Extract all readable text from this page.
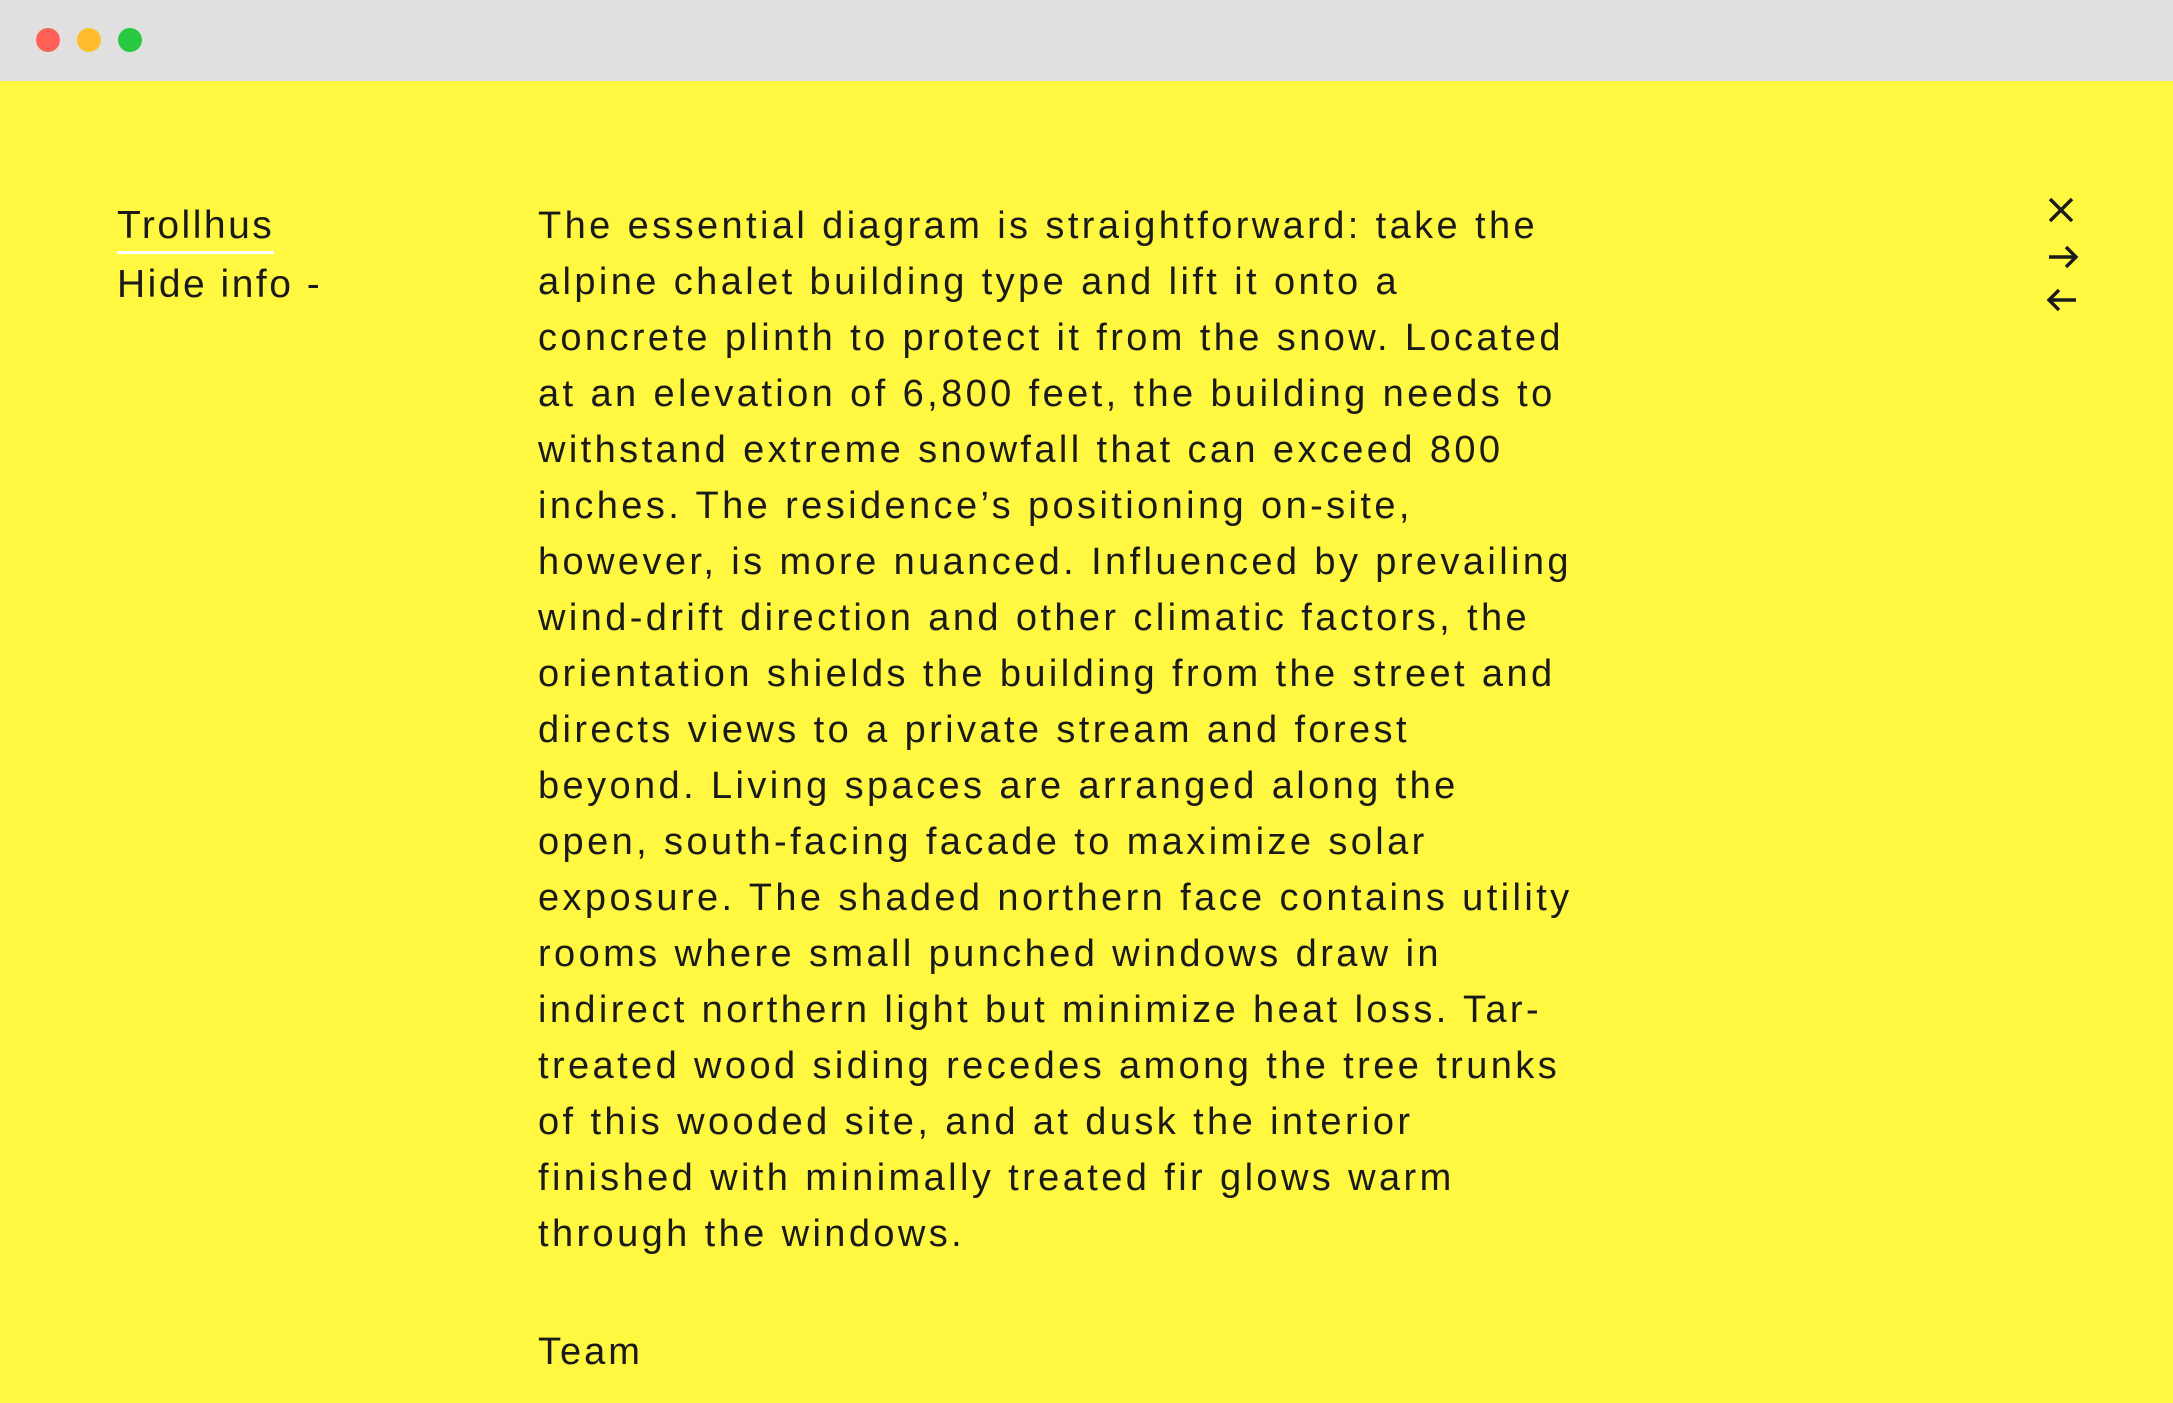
Trollhus
Hide info -

The essential diagram is straightforward: take the alpine chalet building type and lift it onto a concrete plinth to protect it from the snow. Located at an elevation of 6,800 feet, the building needs to withstand extreme snowfall that can exceed 800 inches. The residence’s positioning on-site, however, is more nuanced. Influenced by prevailing wind-drift direction and other climatic factors, the orientation shields the building from the street and directs views to a private stream and forest beyond. Living spaces are arranged along the open, south-facing facade to maximize solar exposure. The shaded northern face contains utility rooms where small punched windows draw in indirect northern light but minimize heat loss. Tar-treated wood siding recedes among the tree trunks of this wooded site, and at dusk the interior finished with minimally treated fir glows warm through the windows.

Team
